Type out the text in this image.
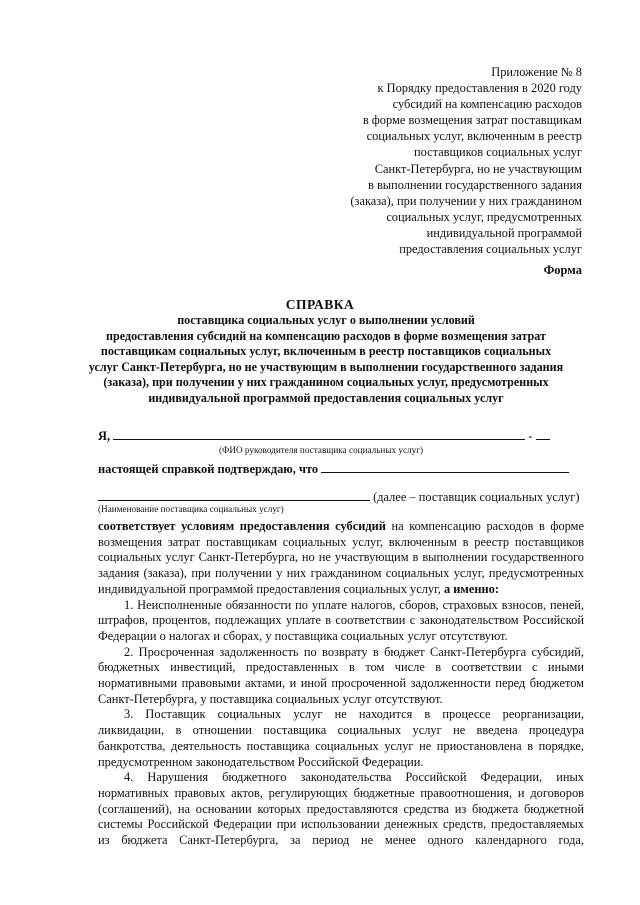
Приложение № 8
к Порядку предоставления в 2020 году
субсидий на компенсацию расходов
в форме возмещения затрат поставщикам
социальных услуг, включенным в реестр
поставщиков социальных услуг
Санкт-Петербурга, но не участвующим
в выполнении государственного задания
(заказа), при получении у них гражданином
социальных услуг, предусмотренных
индивидуальной программой
предоставления социальных услуг
Форма
СПРАВКА
поставщика социальных услуг о выполнении условий
предоставления субсидий на компенсацию расходов в форме возмещения затрат
поставщикам социальных услуг, включенным в реестр поставщиков социальных
услуг Санкт-Петербурга, но не участвующим в выполнении государственного задания
(заказа), при получении у них гражданином социальных услуг, предусмотренных
индивидуальной программой предоставления социальных услуг
Я,	-
(ФИО руководителя поставщика социальных услуг)
настоящей справкой подтверждаю, что
(далее – поставщик социальных услуг)
(Наименование поставщика социальных услуг)
соответствует условиям предоставления субсидий на компенсацию расходов в форме
возмещения затрат поставщикам социальных услуг, включенным в реестр поставщиков
социальных услуг Санкт-Петербурга, но не участвующим в выполнении государственного
задания (заказа), при получении у них гражданином социальных услуг, предусмотренных
индивидуальной программой предоставления социальных услуг, а именно:
1. Неисполненные обязанности по уплате налогов, сборов, страховых взносов, пеней,
штрафов, процентов, подлежащих уплате в соответствии с законодательством Российской
Федерации о налогах и сборах, у поставщика социальных услуг отсутствуют.
2. Просроченная задолженность по возврату в бюджет Санкт-Петербурга субсидий,
бюджетных инвестиций, предоставленных в том числе в соответствии с иными
нормативными правовыми актами, и иной просроченной задолженности перед бюджетом
Санкт-Петербурга, у поставщика социальных услуг отсутствуют.
3. Поставщик социальных услуг не находится в процессе реорганизации,
ликвидации, в отношении поставщика социальных услуг не введена процедура
банкротства, деятельность поставщика социальных услуг не приостановлена в порядке,
предусмотренном законодательством Российской Федерации.
4. Нарушения бюджетного законодательства Российской Федерации, иных
нормативных правовых актов, регулирующих бюджетные правоотношения, и договоров
(соглашений), на основании которых предоставляются средства из бюджета бюджетной
системы Российской Федерации при использовании денежных средств, предоставляемых
из бюджета Санкт-Петербурга, за период не менее одного календарного года,
